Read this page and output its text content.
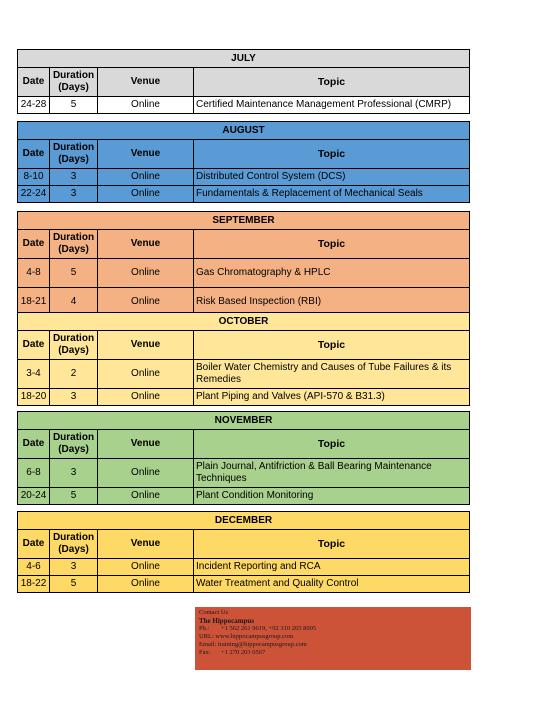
JULY			
Date	Duration (Days)	Venue	Topic
24-28	5	Online	Certified Maintenance Management Professional (CMRP)
AUGUST			
Date	Duration (Days)	Venue	Topic
8-10	3	Online	Distributed Control System (DCS)
22-24	3	Online	Fundamentals & Replacement of Mechanical Seals
SEPTEMBER			
Date	Duration (Days)	Venue	Topic
4-8	5	Online	Gas Chromatography & HPLC
18-21	4	Online	Risk Based Inspection (RBI)
OCTOBER			
Date	Duration (Days)	Venue	Topic
3-4	2	Online	Boiler Water Chemistry and Causes of Tube Failures & its Remedies
18-20	3	Online	Plant Piping and Valves (API-570 & B31.3)
NOVEMBER			
Date	Duration (Days)	Venue	Topic
6-8	3	Online	Plain Journal, Antifriction & Ball Bearing Maintenance Techniques
20-24	5	Online	Plant Condition Monitoring
DECEMBER			
Date	Duration (Days)	Venue	Topic
4-6	3	Online	Incident Reporting and RCA
18-22	5	Online	Water Treatment and Quality Control
Contact Us
The Hippocampus
Ph.: +1 562 261 9619, +92 310 265 8005
URL: www.hippocampusgroup.com
Email: training@hippocampusgroup.com
Fax: +1 270 203 0567
